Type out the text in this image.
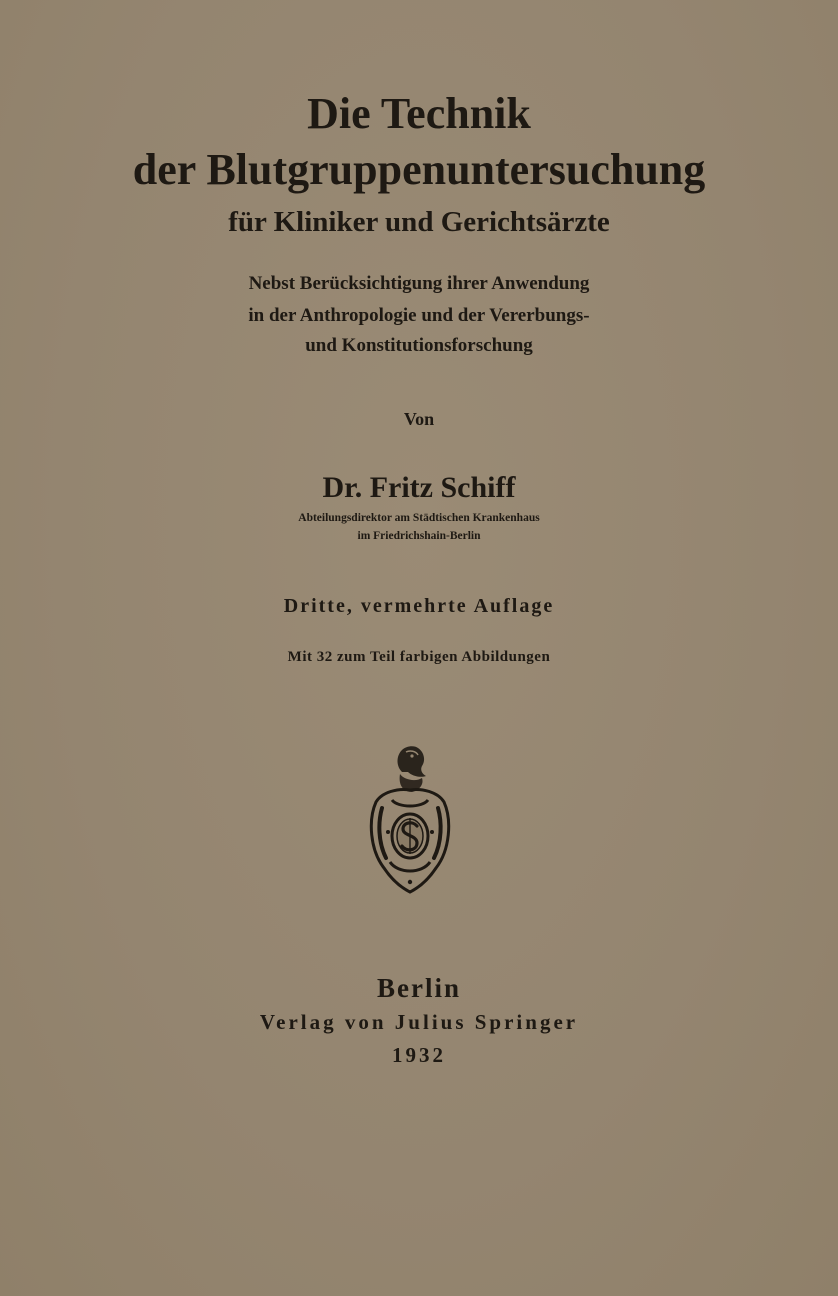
Die Technik
der Blutgruppenuntersuchung
für Kliniker und Gerichtsärzte
Nebst Berücksichtigung ihrer Anwendung
in der Anthropologie und der Vererbungs-
und Konstitutionsforschung
Von
Dr. Fritz Schiff
Abteilungsdirektor am Städtischen Krankenhaus
im Friedrichshain-Berlin
Dritte, vermehrte Auflage
Mit 32 zum Teil farbigen Abbildungen
Berlin
Verlag von Julius Springer
1932
